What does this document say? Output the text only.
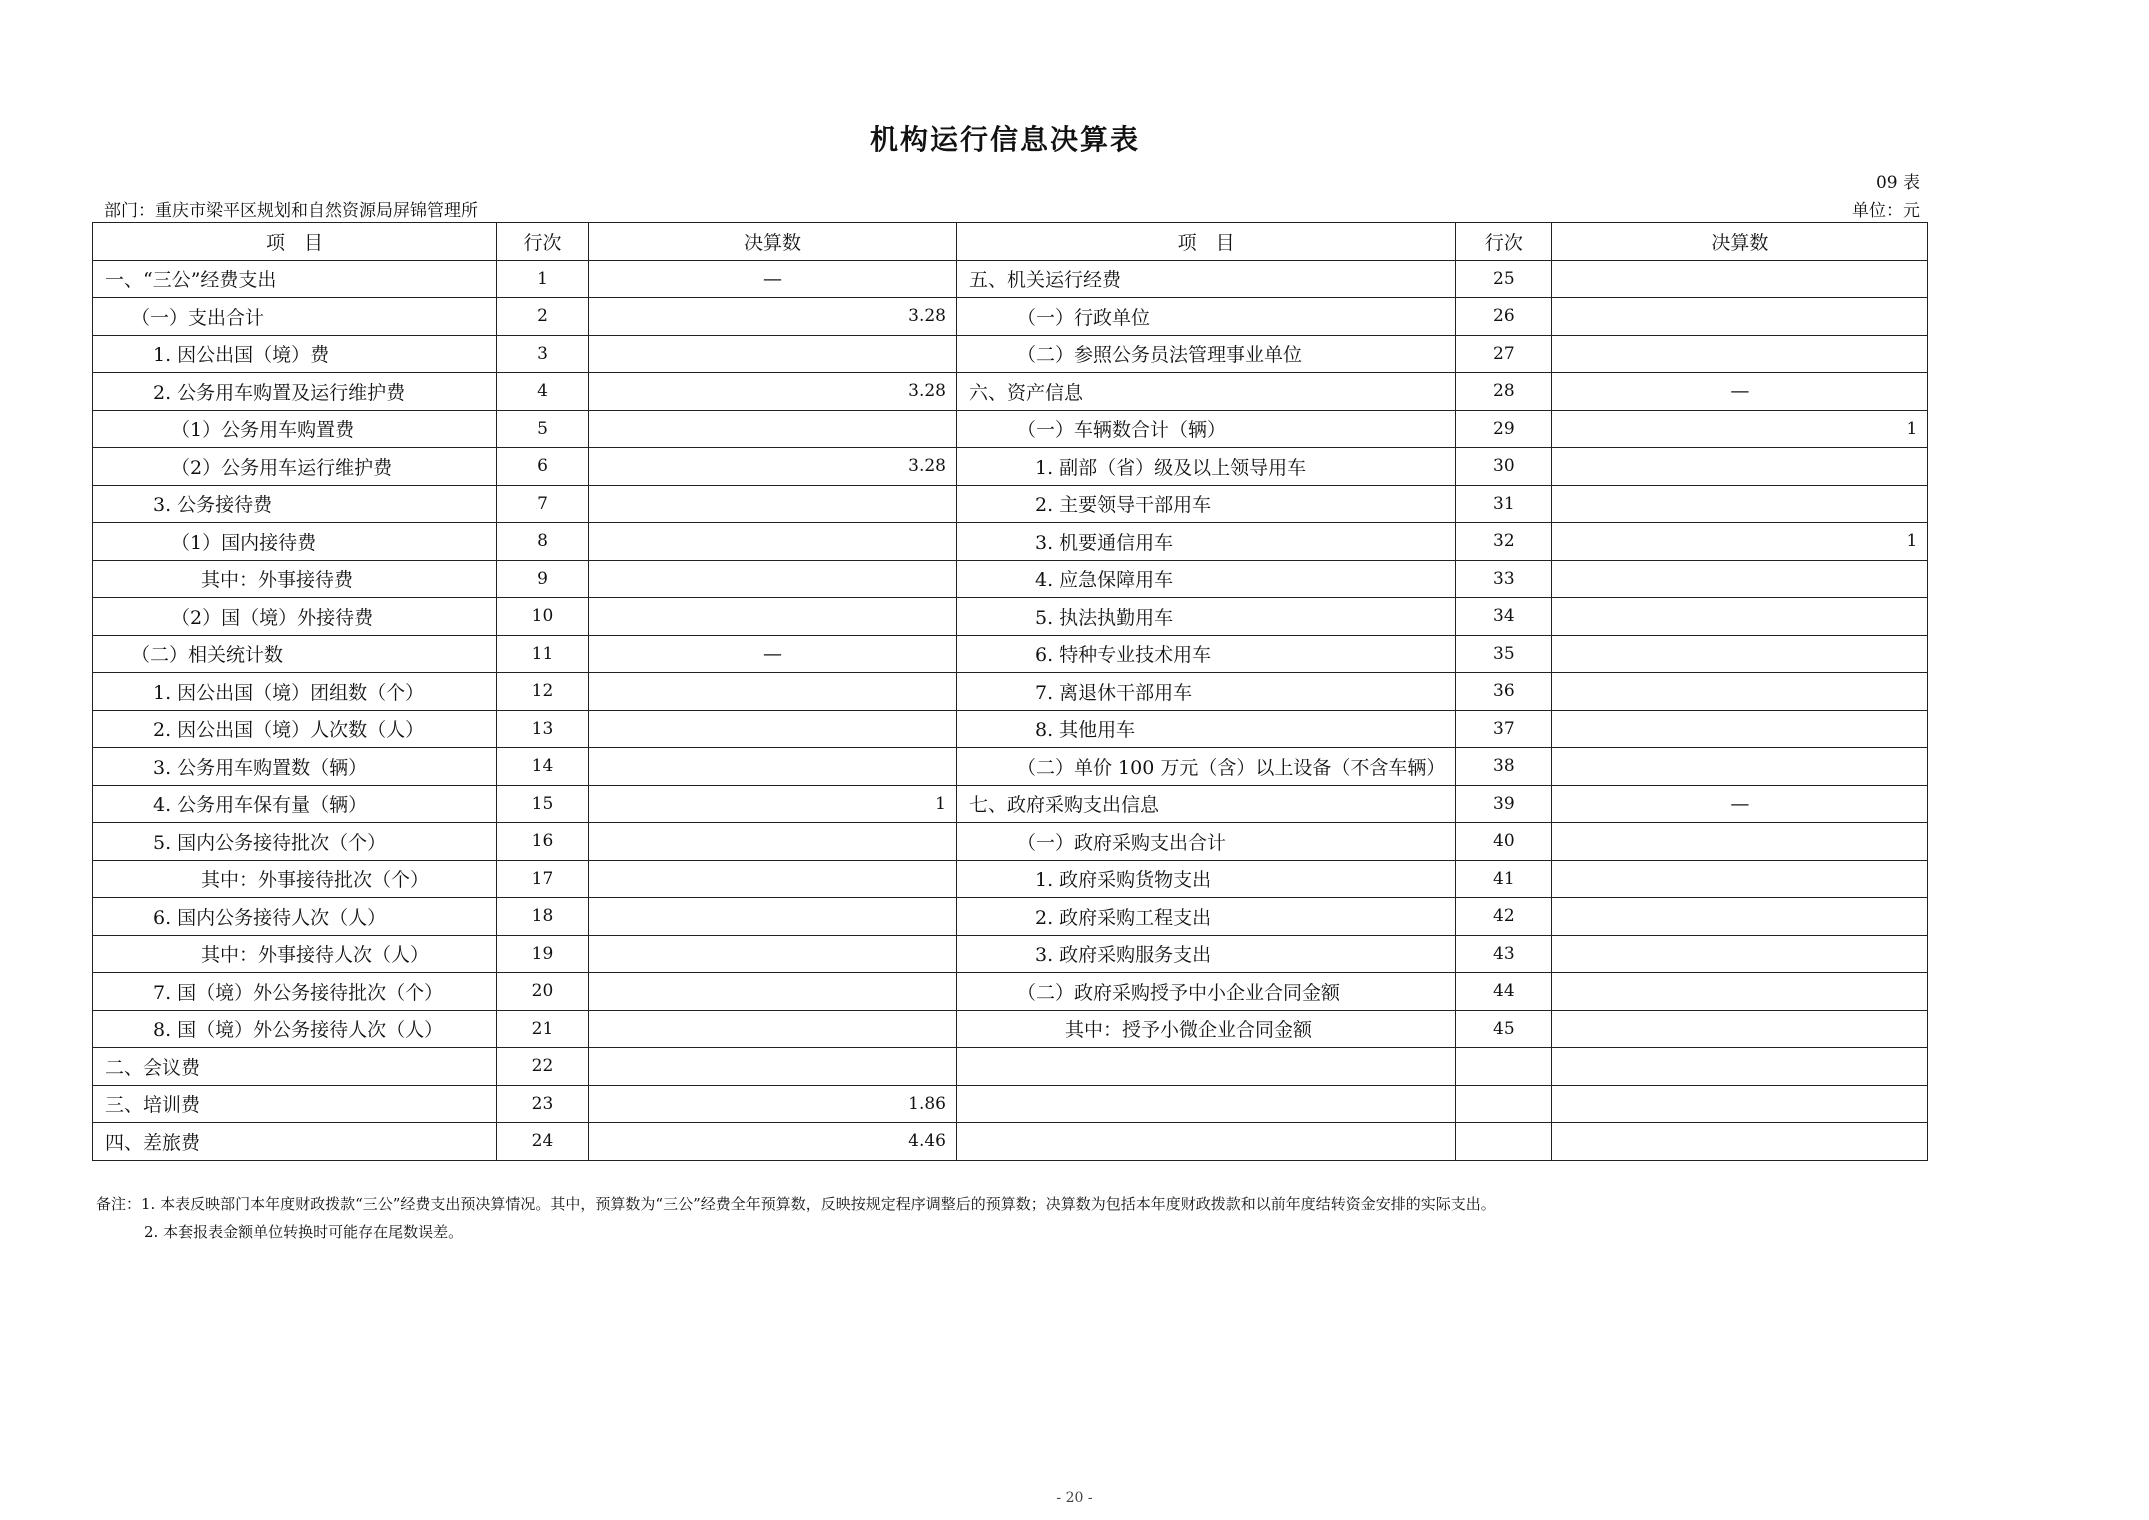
机构运行信息决算表
09 表
部门：重庆市梁平区规划和自然资源局屏锦管理所	单位：元
项　目	行次	决算数	项　目	行次	决算数
一、“三公”经费支出	1	—	五、机关运行经费	25	
（一）支出合计	2	3.28	（一）行政单位	26	
1. 因公出国（境）费	3		（二）参照公务员法管理事业单位	27	
2. 公务用车购置及运行维护费	4	3.28	六、资产信息	28	—
（1）公务用车购置费	5		（一）车辆数合计（辆）	29	1
（2）公务用车运行维护费	6	3.28	1. 副部（省）级及以上领导用车	30	
3. 公务接待费	7		2. 主要领导干部用车	31	
（1）国内接待费	8		3. 机要通信用车	32	1
其中：外事接待费	9		4. 应急保障用车	33	
（2）国（境）外接待费	10		5. 执法执勤用车	34	
（二）相关统计数	11	—	6. 特种专业技术用车	35	
1. 因公出国（境）团组数（个）	12		7. 离退休干部用车	36	
2. 因公出国（境）人次数（人）	13		8. 其他用车	37	
3. 公务用车购置数（辆）	14		（二）单价 100 万元（含）以上设备（不含车辆）	38	
4. 公务用车保有量（辆）	15	1	七、政府采购支出信息	39	—
5. 国内公务接待批次（个）	16		（一）政府采购支出合计	40	
其中：外事接待批次（个）	17		1. 政府采购货物支出	41	
6. 国内公务接待人次（人）	18		2. 政府采购工程支出	42	
其中：外事接待人次（人）	19		3. 政府采购服务支出	43	
7. 国（境）外公务接待批次（个）	20		（二）政府采购授予中小企业合同金额	44	
8. 国（境）外公务接待人次（人）	21		其中：授予小微企业合同金额	45	
二、会议费	22				
三、培训费	23	1.86			
四、差旅费	24	4.46			
备注：1. 本表反映部门本年度财政拨款“三公”经费支出预决算情况。其中，预算数为“三公”经费全年预算数，反映按规定程序调整后的预算数；决算数为包括本年度财政拨款和以前年度结转资金安排的实际支出。
2. 本套报表金额单位转换时可能存在尾数误差。
- 20 -
